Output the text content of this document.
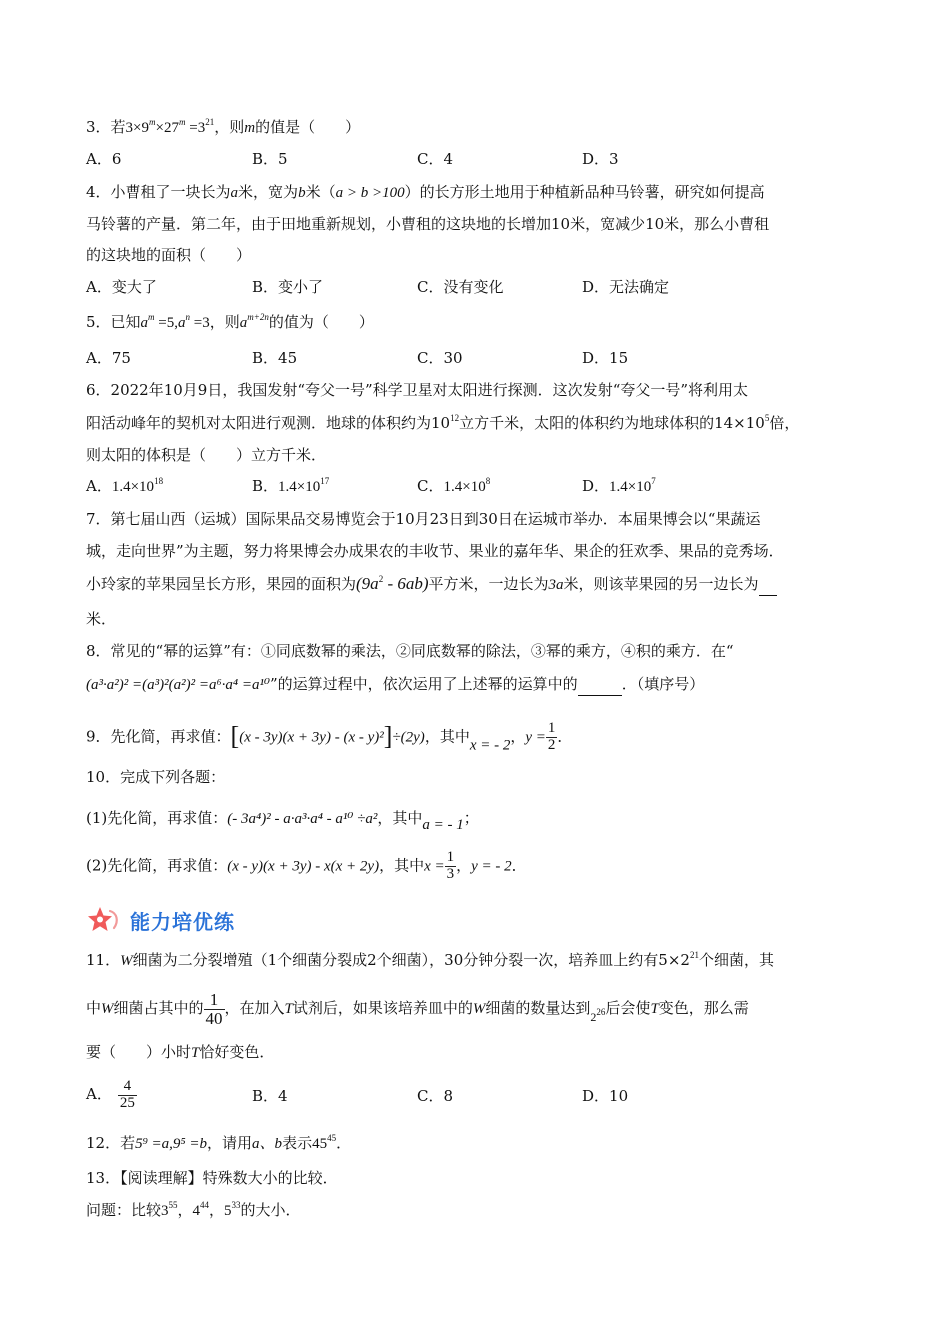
3．若$3\times 9^m\times 27^m =3^{21}$，则m的值是（　　）
A．6	B．5	C．4	D．3
4．小曹租了一块长为a米，宽为b米（a > b >100）的长方形土地用于种植新品种马铃薯，研究如何提高
马铃薯的产量．第二年，由于田地重新规划，小曹租的这块地的长增加10米，宽减少10米，那么小曹租
的这块地的面积（　　）
A．变大了	B．变小了	C．没有变化	D．无法确定
5．已知$a^m =5,a^n =3$，则$a^{m+2n}$的值为（　　）
A．75	B．45	C．30	D．15
6．2022年10月9日，我国发射“夸父一号”科学卫星对太阳进行探测．这次发射“夸父一号”将利用太
阳活动峰年的契机对太阳进行观测．地球的体积约为$10^{12}$立方千米，太阳的体积约为地球体积的$14\times 10^5$倍，
则太阳的体积是（　　）立方千米．
A．$1.4\times 10^{18}$	B．$1.4\times 10^{17}$	C．$1.4\times 10^8$	D．$1.4\times 10^7$
7．第七届山西（运城）国际果品交易博览会于10月23日到30日在运城市举办．本届果博会以“果蔬运
城，走向世界”为主题，努力将果博会办成果农的丰收节、果业的嘉年华、果企的狂欢季、果品的竞秀场．
小玲家的苹果园呈长方形，果园的面积为$(9a^2 - 6ab)$平方米，一边长为3a米，则该苹果园的另一边长为
米．
8．常见的“幂的运算”有：①同底数幂的乘法，②同底数幂的除法，③幂的乘方，④积的乘方．在“
(a³·a²)² =(a³)²(a²)² =a⁶·a⁴ =a¹⁰”的运算过程中，依次运用了上述幂的运算中的	．（填序号）
9．先化简，再求值：[(x - 3y)(x + 3y) - (x - y)²]÷(2y)，其中x = - 2，$y = \frac{1}{2}$ ．
10．完成下列各题：
(1)先化简，再求值：(- 3a⁴)² - a·a³·a⁴ - a¹⁰ ÷a²，其中a = - 1；
(2)先化简，再求值：(x - y)(x + 3y) - x(x + 2y)，其中$x = \frac{1}{3}$ ，y = - 2．
能力培优练
11．W细菌为二分裂增殖（1个细菌分裂成2个细菌），30分钟分裂一次，培养皿上约有$5\times 2^{21}$个细菌，其
中W细菌占其中的 $\frac{1}{40}$ ，在加入T试剂后，如果该培养皿中的W细菌的数量达到$_2^{26}$后会使T变色，那么需
要（　　）小时T恰好变色．
A． $\frac{4}{25}$	B．4	C．8	D．10
12．若5⁹ =a,9⁵ =b，请用a、b表示$45^{45}$．
13．【阅读理解】特殊数大小的比较．
问题：比较$3^{55}$，$4^{44}$，$5^{33}$的大小．
